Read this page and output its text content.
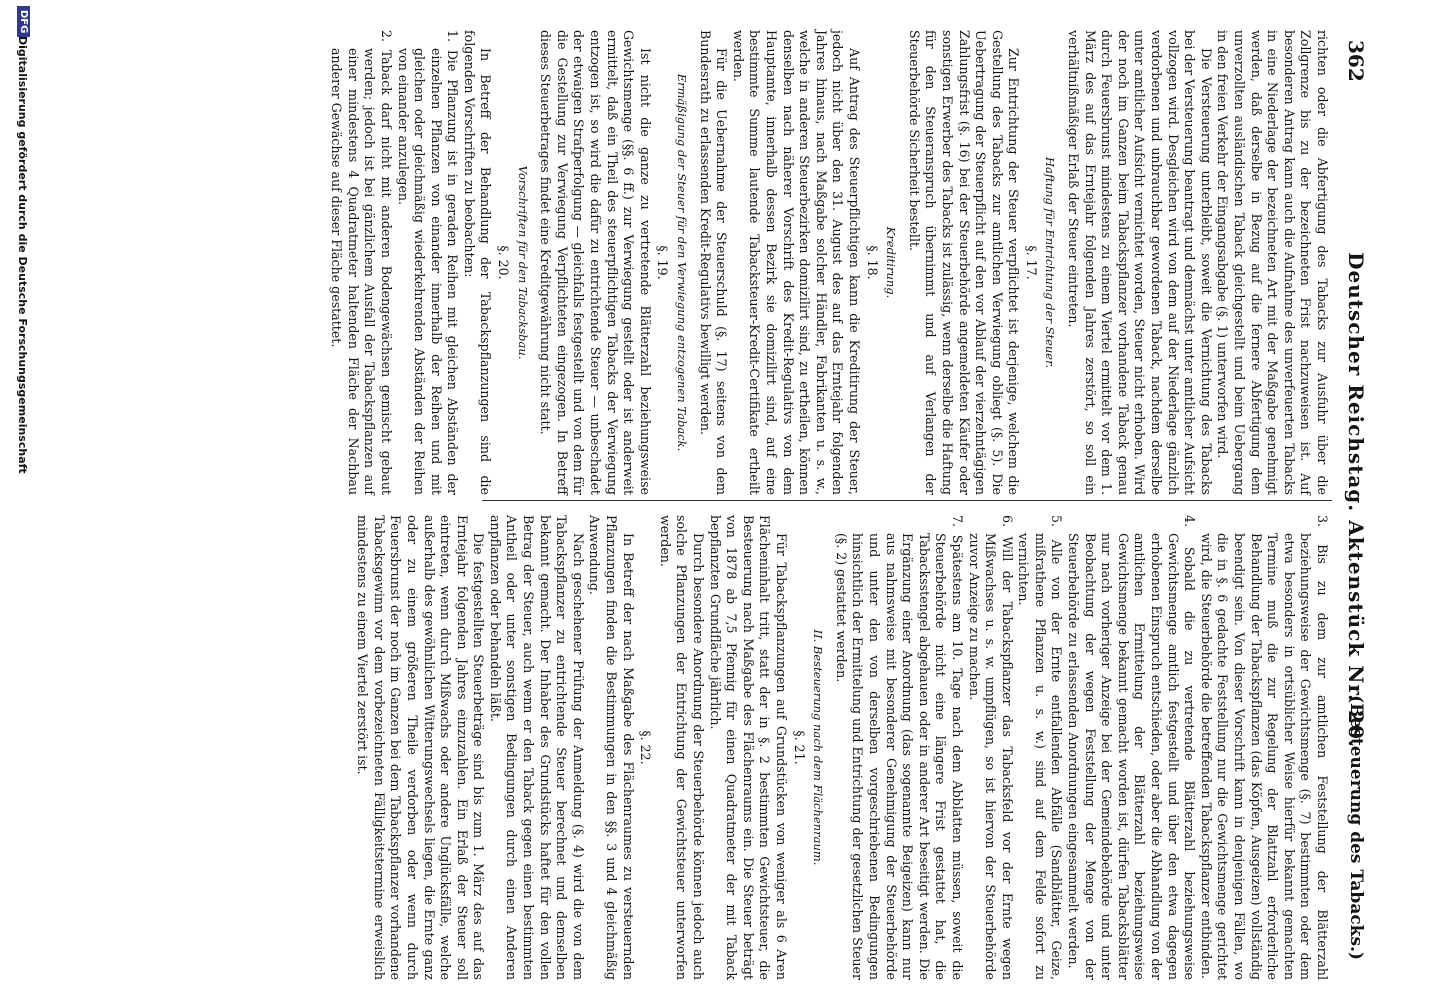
362
Deutscher Reichstag. Aktenstück Nr. 20.
(Besteuerung des Tabacks.)

richten oder die Abfertigung des Tabacks zur Ausfuhr über die Zollgrenze bis zu der bezeichneten Frist nachzuweisen ist. Auf besonderen Antrag kann auch die Aufnahme des unverfeuerten Tabacks in eine Niederlage der bezeichneten Art mit der Maßgabe genehmigt werden, daß derselbe in Bezug auf die fernere Abfertigung dem unverzollten ausländischen Taback gleichgestellt und beim Uebergang in den freien Verkehr der Eingangsabgabe (§. 1) unterworfen wird.

Die Versteuerung unterbleibt, soweit die Vernichtung des Tabacks bei der Versteuerung beantragt und demnächst unter amtlicher Aufsicht vollzogen wird. Desgleichen wird von dem auf der Niederlage gänzlich verdorbenen und unbrauchbar gewordenen Taback, nachdem derselbe unter amtlicher Aufsicht vernichtet worden, Steuer nicht erhoben. Wird der noch im Ganzen beim Tabackspflanzer vorhandene Taback genau durch Feuersbrunst mindestens zu einem Viertel ermittelt vor dem 1. März des auf das Erntejahr folgenden Jahres zerstört, so soll ein verhältnißmäßiger Erlaß der Steuer eintreten.

Haftung für Entrichtung der Steuer.
§. 17.

Zur Entrichtung der Steuer verpflichtet ist derjenige, welchem die Gestellung des Tabacks zur amtlichen Verwiegung obliegt (§. 5). Die Uebertragung der Steuerpflicht auf den vor Ablauf der vierzehntägigen Zahlungsfrist (§. 16) bei der Steuerbehörde angemeldeten Käufer oder sonstigen Erwerber des Tabacks ist zulässig, wenn derselbe die Haftung für den Steueranspruch übernimmt und auf Verlangen der Steuerbehörde Sicherheit bestellt.

Kreditirung.
§. 18.

Auf Antrag des Steuerpflichtigen kann die Kreditirung der Steuer, jedoch nicht über den 31. August des auf das Erntejahr folgenden Jahres hinaus, nach Maßgabe solcher Händler, Fabrikanten u. s. w., welche in anderen Steuerbezirken domizilirt sind, zu ertheilen, können denselben nach näherer Vorschrift des Kredit-Regulativs von dem Hauptamte, innerhalb dessen Bezirk sie domizilirt sind, auf eine bestimmte Summe lautende Tabacksteuer-Kredit-Certifikate ertheilt werden.

Für die Uebernahme der Steuerschuld (§. 17) seitens von dem Bundesrath zu erlassenden Kredit-Regulativs bewilligt werden.

Ermäßigung der Steuer für den Verwiegung entzogenen Taback.
§. 19.

Ist nicht die ganze zu vertretende Blätterzahl beziehungsweise Gewichtsmenge (§§. 6 ff.) zur Verwiegung gestellt oder ist anderweit ermittelt, daß ein Theil des steuerpflichtigen Tabacks der Verwiegung entzogen ist, so wird die dafür zu entrichtende Steuer — unbeschadet der etwaigen Strafperfolgung — gleichfalls festgestellt und von dem für die Gestellung zur Verwiegung Verpflichteten eingezogen. In Betreff dieses Steuerbetrages findet eine Kreditgewährung nicht statt.

Vorschriften für den Tabacksbau.
§. 20.

In Betreff der Behandlung der Tabackspflanzungen sind die folgenden Vorschriften zu beobachten:

1. Die Pflanzung ist in geraden Reihen mit gleichen Abständen der einzelnen Pflanzen von einander innerhalb der Reihen und mit gleichen oder gleichmäßig wiederkehrenden Abständen der Reihen von einander anzulegen.

2. Taback darf nicht mit anderen Bodengewächsen gemischt gebaut werden; jedoch ist bei gänzlichem Ausfall der Tabackspflanzen auf einer mindestens 4 Quadratmeter haltenden Fläche der Nachbau anderer Gewächse auf dieser Fläche gestattet.

3. Bis zu dem zur amtlichen Feststellung der Blätterzahl beziehungsweise der Gewichtsmenge (§. 7) bestimmten oder dem etwa besonders in ortsüblicher Weise hierfür bekannt gemachten Termine muß die zur Regelung der Blattzahl erforderliche Behandlung der Tabackspflanzen (das Köpfen, Ausgeizen) vollständig beendigt sein. Von dieser Vorschrift kann in denjenigen Fällen, wo die in §. 6 gedachte Feststellung nur die Gewichtsmenge gerichtet wird, die Steuerbehörde die betreffenden Tabackspflanzer entbinden.

4. Sobald die zu vertretende Blätterzahl beziehungsweise Gewichtsmenge amtlich festgestellt und über den etwa dagegen erhobenen Einspruch entschieden, oder aber die Abhandlung von der amtlichen Ermittelung der Blätterzahl beziehungsweise Gewichtsmenge bekannt gemacht worden ist, dürfen Tabacksblätter nur nach vorheriger Anzeige bei der Gemeindebehörde und unter Beobachtung der wegen Feststellung der Menge von der Steuerbehörde zu erlassenden Anordnungen eingesammelt werden.

5. Alle von der Ernte entfallenden Abfälle (Sandblätter, Geize, mißrathene Pflanzen u. s. w.) sind auf dem Felde sofort zu vernichten.

6. Will der Tabackspflanzer das Tabacksfeld vor der Ernte wegen Mißwachses u. s. w. umpflügen, so ist hiervon der Steuerbehörde zuvor Anzeige zu machen.

7. Spätestens am 10. Tage nach dem Abblatten müssen, soweit die Steuerbehörde nicht eine längere Frist gestattet hat, die Tabacksstengel abgehauen oder in anderer Art beseitigt werden. Die Ergänzung einer Anordnung (das sogenannte Beigeizen) kann nur aus nahmsweise mit besonderer Genehmigung der Steuerbehörde und unter den von derselben vorgeschriebenen Bedingungen hinsichtlich der Ermittelung und Entrichtung der gesetzlichen Steuer (§. 2) gestattet werden.

II. Besteuerung nach dem Flächenraum.
§. 21.

Für Tabackspflanzungen auf Grundstücken von weniger als 6 Aren Flächeninhalt tritt, statt der in §. 2 bestimmten Gewichtsteuer, die Besteuerung nach Maßgabe des Flächenraums ein. Die Steuer beträgt von 1878 ab 7,5 Pfennig für einen Quadratmeter der mit Taback bepflanzten Grundfläche jährlich.

Durch besondere Anordnung der Steuerbehörde können jedoch auch solche Pflanzungen der Entrichtung der Gewichtsteuer unterworfen werden.

§. 22.

In Betreff der nach Maßgabe des Flächenraumes zu versteuernden Pflanzungen finden die Bestimmungen in den §§. 3 und 4 gleichmäßig Anwendung.

Nach geschehener Prüfung der Anmeldung (§. 4) wird die von dem Tabackspflanzer zu entrichtende Steuer berechnet und demselben bekannt gemacht. Der Inhaber des Grundstücks haftet für den vollen Betrag der Steuer, auch wenn er den Taback gegen einen bestimmten Antheil oder unter sonstigen Bedingungen durch einen Anderen anpflanzen oder behandeln läßt.

Die festgestellten Steuerbeträge sind bis zum 1. März des auf das Erntejahr folgenden Jahres einzuzahlen. Ein Erlaß der Steuer soll eintreten, wenn durch Mißwachs oder andere Unglücksfälle, welche außerhalb des gewöhnlichen Witterungswechsels liegen, die Ernte ganz oder zu einem größeren Theile verdorben oder wenn durch Feuersbrunst der noch im Ganzen bei dem Tabackspflanzer vorhandene Tabacksgewinn vor dem vorbezeichneten Fälligkeitstermine erweislich mindestens zu einem Viertel zerstört ist.

DFG
Digitalisierung gefördert durch die Deutsche Forschungsgemeinschaft
